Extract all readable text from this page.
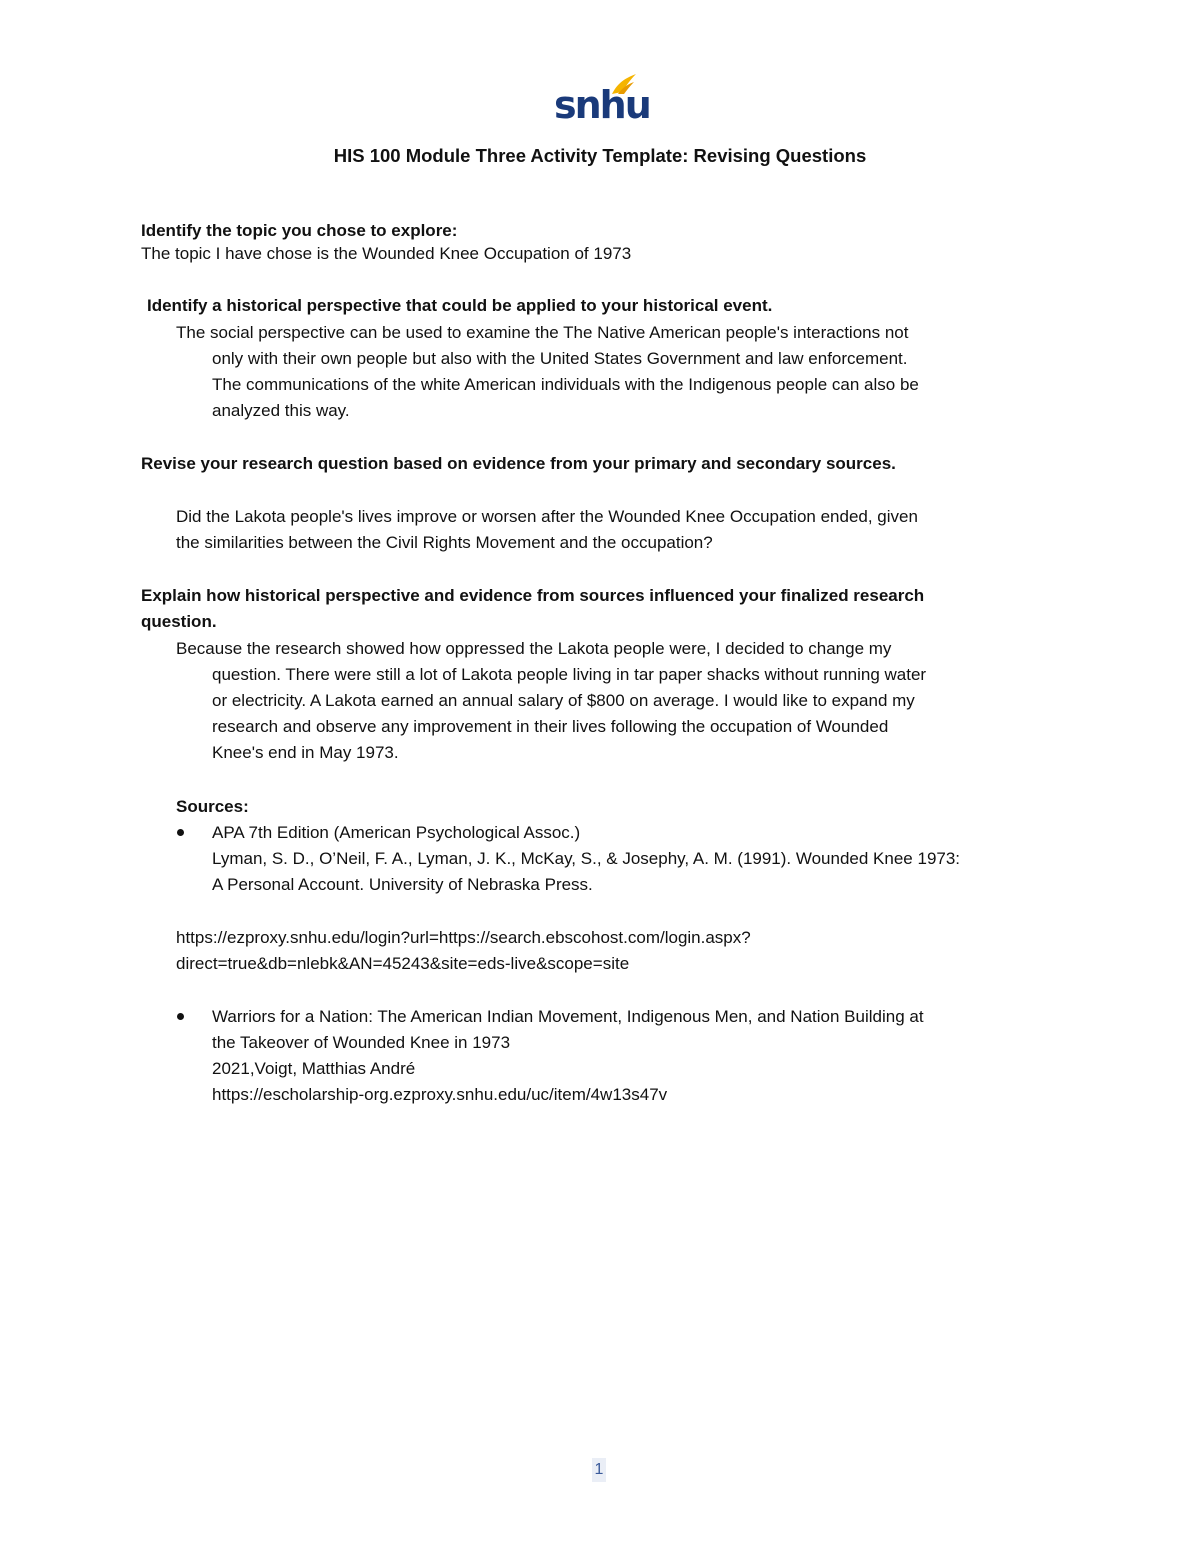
snhu
HIS 100 Module Three Activity Template: Revising Questions
Identify the topic you chose to explore:
The topic I have chose is the Wounded Knee Occupation of 1973
Identify a historical perspective that could be applied to your historical event.
The social perspective can be used to examine the The Native American people's interactions not
only with their own people but also with the United States Government and law enforcement.
The communications of the white American individuals with the Indigenous people can also be
analyzed this way.
Revise your research question based on evidence from your primary and secondary sources.
Did the Lakota people's lives improve or worsen after the Wounded Knee Occupation ended, given
the similarities between the Civil Rights Movement and the occupation?
Explain how historical perspective and evidence from sources influenced your finalized research
question.
Because the research showed how oppressed the Lakota people were, I decided to change my
question. There were still a lot of Lakota people living in tar paper shacks without running water
or electricity. A Lakota earned an annual salary of $800 on average. I would like to expand my
research and observe any improvement in their lives following the occupation of Wounded
Knee's end in May 1973.
Sources:
APA 7th Edition (American Psychological Assoc.)
Lyman, S. D., O’Neil, F. A., Lyman, J. K., McKay, S., & Josephy, A. M. (1991). Wounded Knee 1973:
A Personal Account. University of Nebraska Press.
https://ezproxy.snhu.edu/login?url=https://search.ebscohost.com/login.aspx?
direct=true&db=nlebk&AN=45243&site=eds-live&scope=site
Warriors for a Nation: The American Indian Movement, Indigenous Men, and Nation Building at
the Takeover of Wounded Knee in 1973
2021,Voigt, Matthias André
https://escholarship-org.ezproxy.snhu.edu/uc/item/4w13s47v
1
